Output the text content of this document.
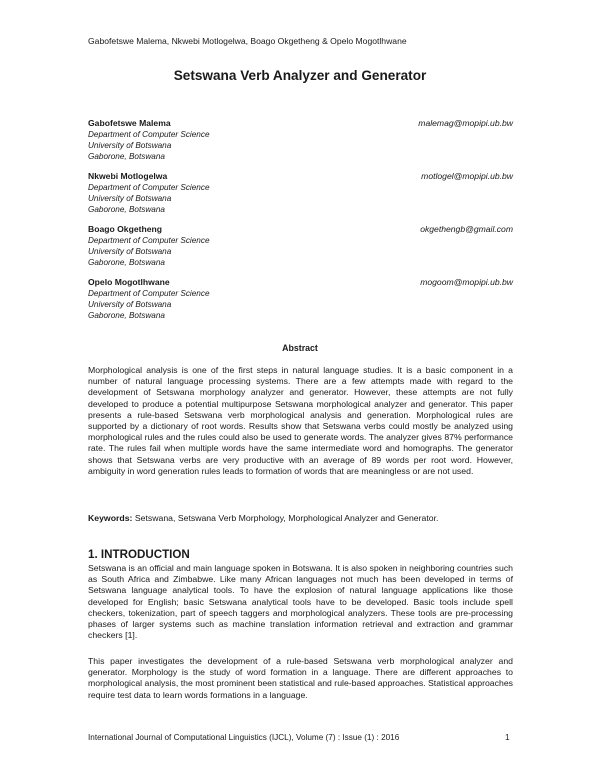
Gabofetswe Malema, Nkwebi Motlogelwa, Boago Okgetheng & Opelo Mogotlhwane
Setswana Verb Analyzer and Generator
Gabofetswe Malema	malemag@mopipi.ub.bw
Department of Computer Science
University of Botswana
Gaborone, Botswana
Nkwebi Motlogelwa	motlogel@mopipi.ub.bw
Department of Computer Science
University of Botswana
Gaborone, Botswana
Boago Okgetheng	okgethengb@gmail.com
Department of Computer Science
University of Botswana
Gaborone, Botswana
Opelo Mogotlhwane	mogoom@mopipi.ub.bw
Department of Computer Science
University of Botswana
Gaborone, Botswana
Abstract
Morphological analysis is one of the first steps in natural language studies. It is a basic component in a number of natural language processing systems. There are a few attempts made with regard to the development of Setswana morphology analyzer and generator. However, these attempts are not fully developed to produce a potential multipurpose Setswana morphological analyzer and generator. This paper presents a rule-based Setswana verb morphological analysis and generation. Morphological rules are supported by a dictionary of root words. Results show that Setswana verbs could mostly be analyzed using morphological rules and the rules could also be used to generate words. The analyzer gives 87% performance rate. The rules fail when multiple words have the same intermediate word and homographs. The generator shows that Setswana verbs are very productive with an average of 89 words per root word. However, ambiguity in word generation rules leads to formation of words that are meaningless or are not used.
Keywords: Setswana, Setswana Verb Morphology, Morphological Analyzer and Generator.
1. INTRODUCTION
Setswana is an official and main language spoken in Botswana. It is also spoken in neighboring countries such as South Africa and Zimbabwe. Like many African languages not much has been developed in terms of Setswana language analytical tools. To have the explosion of natural language applications like those developed for English; basic Setswana analytical tools have to be developed. Basic tools include spell checkers, tokenization, part of speech taggers and morphological analyzers. These tools are pre-processing phases of larger systems such as machine translation information retrieval and extraction and grammar checkers [1].
This paper investigates the development of a rule-based Setswana verb morphological analyzer and generator. Morphology is the study of word formation in a language. There are different approaches to morphological analysis, the most prominent been statistical and rule-based approaches. Statistical approaches require test data to learn words formations in a language.
International Journal of Computational Linguistics (IJCL), Volume (7) : Issue (1) : 2016	1
